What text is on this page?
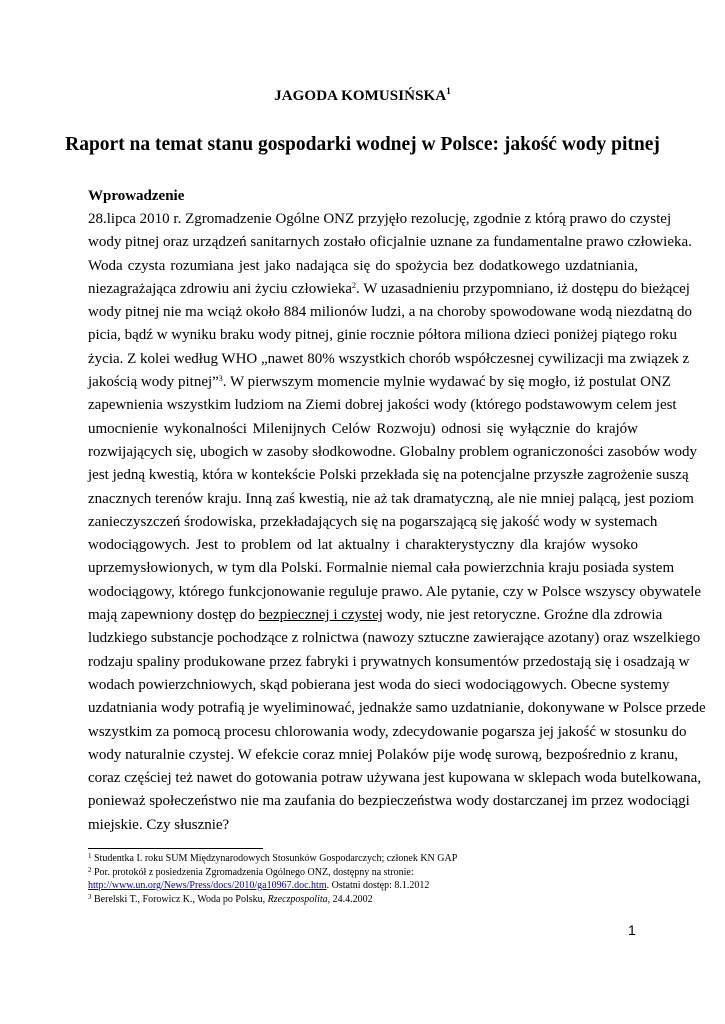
JAGODA KOMUSIŃSKA$^1$
Raport na temat stanu gospodarki wodnej w Polsce: jakość wody pitnej
Wprowadzenie
28.lipca 2010 r. Zgromadzenie Ogólne ONZ przyjęło rezolucję, zgodnie z którą prawo do czystej
wody pitnej oraz urządzeń sanitarnych zostało oficjalnie uznane za fundamentalne prawo człowieka.
Woda czysta rozumiana jest jako nadająca się do spożycia bez dodatkowego uzdatniania,
niezagrażająca zdrowiu ani życiu człowieka$^2$. W uzasadnieniu przypomniano, iż dostępu do bieżącej
wody pitnej nie ma wciąż około 884 milionów ludzi, a na choroby spowodowane wodą niezdatną do
picia, bądź w wyniku braku wody pitnej, ginie rocznie półtora miliona dzieci poniżej piątego roku
życia. Z kolei według WHO „nawet 80% wszystkich chorób współczesnej cywilizacji ma związek z
jakością wody pitnej”$^3$. W pierwszym momencie mylnie wydawać by się mogło, iż postulat ONZ
zapewnienia wszystkim ludziom na Ziemi dobrej jakości wody (którego podstawowym celem jest
umocnienie wykonalności Milenijnych Celów Rozwoju) odnosi się wyłącznie do krajów
rozwijających się, ubogich w zasoby słodkowodne. Globalny problem ograniczoności zasobów wody
jest jedną kwestią, która w kontekście Polski przekłada się na potencjalne przyszłe zagrożenie suszą
znacznych terenów kraju. Inną zaś kwestią, nie aż tak dramatyczną, ale nie mniej palącą, jest poziom
zanieczyszczeń środowiska, przekładających się na pogarszającą się jakość wody w systemach
wodociągowych. Jest to problem od lat aktualny i charakterystyczny dla krajów wysoko
uprzemysłowionych, w tym dla Polski. Formalnie niemal cała powierzchnia kraju posiada system
wodociągowy, którego funkcjonowanie reguluje prawo. Ale pytanie, czy w Polsce wszyscy obywatele
mają zapewniony dostęp do bezpiecznej i czystej wody, nie jest retoryczne. Groźne dla zdrowia
ludzkiego substancje pochodzące z rolnictwa (nawozy sztuczne zawierające azotany) oraz wszelkiego
rodzaju spaliny produkowane przez fabryki i prywatnych konsumentów przedostają się i osadzają w
wodach powierzchniowych, skąd pobierana jest woda do sieci wodociągowych. Obecne systemy
uzdatniania wody potrafią je wyeliminować, jednakże samo uzdatnianie, dokonywane w Polsce przede
wszystkim za pomocą procesu chlorowania wody, zdecydowanie pogarsza jej jakość w stosunku do
wody naturalnie czystej. W efekcie coraz mniej Polaków pije wodę surową, bezpośrednio z kranu,
coraz częściej też nawet do gotowania potraw używana jest kupowana w sklepach woda butelkowana,
ponieważ społeczeństwo nie ma zaufania do bezpieczeństwa wody dostarczanej im przez wodociągi
miejskie. Czy słusznie?
$^1$ Studentka I. roku SUM Międzynarodowych Stosunków Gospodarczych; członek KN GAP
$^2$ Por. protokół z posiedzenia Zgromadzenia Ogólnego ONZ, dostępny na stronie:
http://www.un.org/News/Press/docs/2010/ga10967.doc.htm. Ostatni dostęp: 8.1.2012
$^3$ Berelski T., Forowicz K., Woda po Polsku, Rzeczpospolita, 24.4.2002
1
